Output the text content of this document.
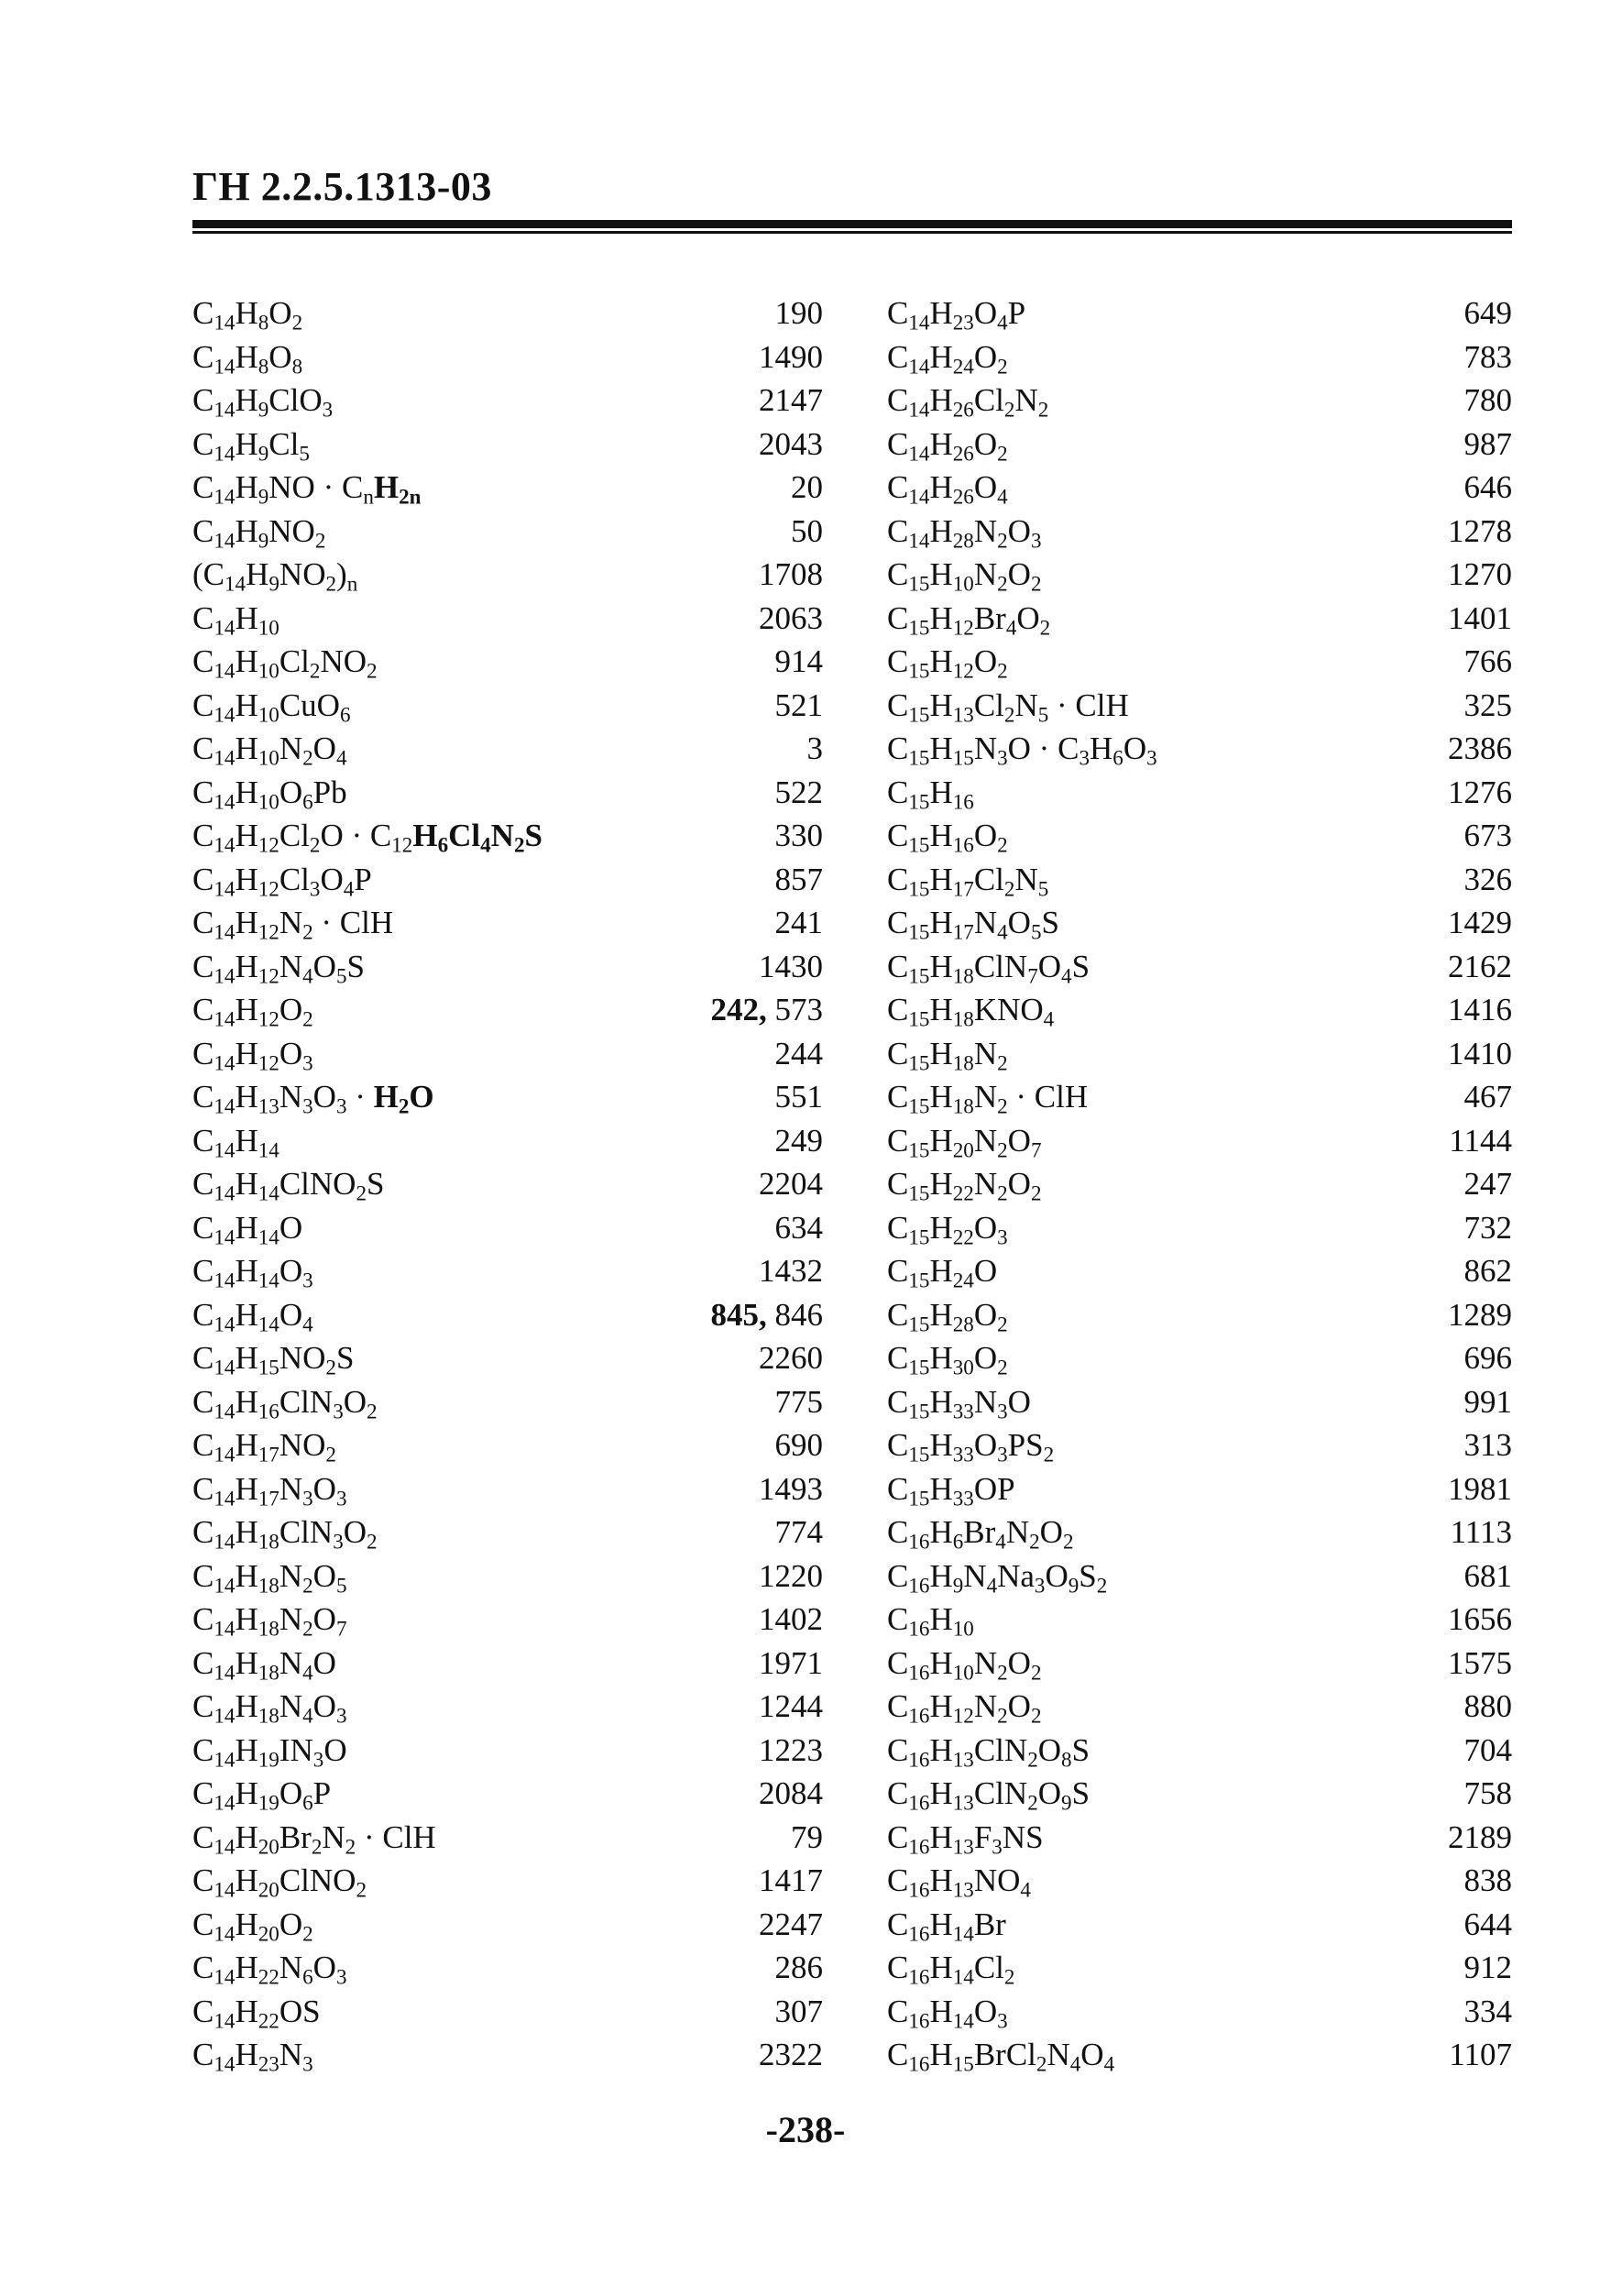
ГН 2.2.5.1313-03
$C_{14}H_8O_2$	190
$C_{14}H_8O_8$	1490
$C_{14}H_9ClO_3$	2147
$C_{14}H_9Cl_5$	2043
$C_{14}H_9NO \cdot C_nH_{2n}$	20
$C_{14}H_9NO_2$	50
$(C_{14}H_9NO_2)_n$	1708
$C_{14}H_{10}$	2063
$C_{14}H_{10}Cl_2NO_2$	914
$C_{14}H_{10}CuO_6$	521
$C_{14}H_{10}N_2O_4$	3
$C_{14}H_{10}O_6Pb$	522
$C_{14}H_{12}Cl_2O \cdot C_{12}H_6Cl_4N_2S$	330
$C_{14}H_{12}Cl_3O_4P$	857
$C_{14}H_{12}N_2$ · ClH	241
$C_{14}H_{12}N_4O_5S$	1430
$C_{14}H_{12}O_2$	242, 573
$C_{14}H_{12}O_3$	244
$C_{14}H_{13}N_3O_3 \cdot H_2O$	551
$C_{14}H_{14}$	249
$C_{14}H_{14}ClNO_2S$	2204
$C_{14}H_{14}O$	634
$C_{14}H_{14}O_3$	1432
$C_{14}H_{14}O_4$	845, 846
$C_{14}H_{15}NO_2S$	2260
$C_{14}H_{16}ClN_3O_2$	775
$C_{14}H_{17}NO_2$	690
$C_{14}H_{17}N_3O_3$	1493
$C_{14}H_{18}ClN_3O_2$	774
$C_{14}H_{18}N_2O_5$	1220
$C_{14}H_{18}N_2O_7$	1402
$C_{14}H_{18}N_4O$	1971
$C_{14}H_{18}N_4O_3$	1244
$C_{14}H_{19}IN_3O$	1223
$C_{14}H_{19}O_6P$	2084
$C_{14}H_{20}Br_2N_2$ · ClH	79
$C_{14}H_{20}ClNO_2$	1417
$C_{14}H_{20}O_2$	2247
$C_{14}H_{22}N_6O_3$	286
$C_{14}H_{22}OS$	307
$C_{14}H_{23}N_3$	2322
$C_{14}H_{23}O_4P$	649
$C_{14}H_{24}O_2$	783
$C_{14}H_{26}Cl_2N_2$	780
$C_{14}H_{26}O_2$	987
$C_{14}H_{26}O_4$	646
$C_{14}H_{28}N_2O_3$	1278
$C_{15}H_{10}N_2O_2$	1270
$C_{15}H_{12}Br_4O_2$	1401
$C_{15}H_{12}O_2$	766
$C_{15}H_{13}Cl_2N_5$ · ClH	325
$C_{15}H_{15}N_3O \cdot C_3H_6O_3$	2386
$C_{15}H_{16}$	1276
$C_{15}H_{16}O_2$	673
$C_{15}H_{17}Cl_2N_5$	326
$C_{15}H_{17}N_4O_5S$	1429
$C_{15}H_{18}ClN_7O_4S$	2162
$C_{15}H_{18}KNO_4$	1416
$C_{15}H_{18}N_2$	1410
$C_{15}H_{18}N_2$ · ClH	467
$C_{15}H_{20}N_2O_7$	1144
$C_{15}H_{22}N_2O_2$	247
$C_{15}H_{22}O_3$	732
$C_{15}H_{24}O$	862
$C_{15}H_{28}O_2$	1289
$C_{15}H_{30}O_2$	696
$C_{15}H_{33}N_3O$	991
$C_{15}H_{33}O_3PS_2$	313
$C_{15}H_{33}OP$	1981
$C_{16}H_6Br_4N_2O_2$	1113
$C_{16}H_9N_4Na_3O_9S_2$	681
$C_{16}H_{10}$	1656
$C_{16}H_{10}N_2O_2$	1575
$C_{16}H_{12}N_2O_2$	880
$C_{16}H_{13}ClN_2O_8S$	704
$C_{16}H_{13}ClN_2O_9S$	758
$C_{16}H_{13}F_3NS$	2189
$C_{16}H_{13}NO_4$	838
$C_{16}H_{14}Br$	644
$C_{16}H_{14}Cl_2$	912
$C_{16}H_{14}O_3$	334
$C_{16}H_{15}BrCl_2N_4O_4$	1107
-238-
